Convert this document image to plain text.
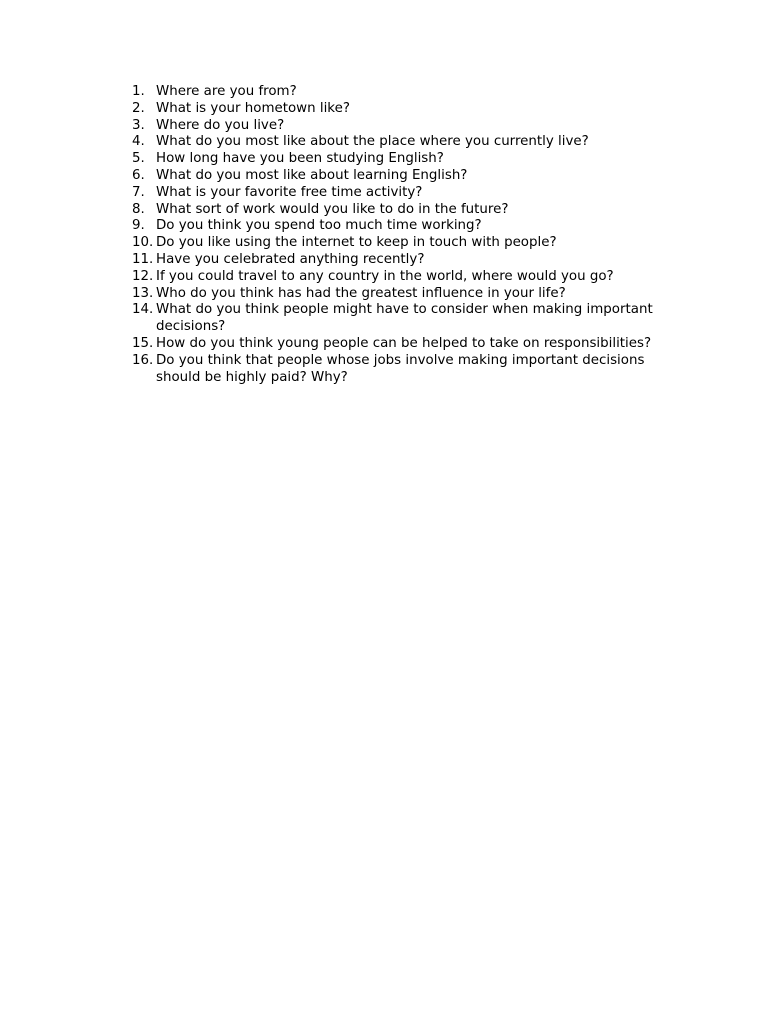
1. Where are you from?
2. What is your hometown like?
3. Where do you live?
4. What do you most like about the place where you currently live?
5. How long have you been studying English?
6. What do you most like about learning English?
7. What is your favorite free time activity?
8. What sort of work would you like to do in the future?
9. Do you think you spend too much time working?
10. Do you like using the internet to keep in touch with people?
11. Have you celebrated anything recently?
12. If you could travel to any country in the world, where would you go?
13. Who do you think has had the greatest influence in your life?
14. What do you think people might have to consider when making important decisions?
15. How do you think young people can be helped to take on responsibilities?
16. Do you think that people whose jobs involve making important decisions should be highly paid? Why?
